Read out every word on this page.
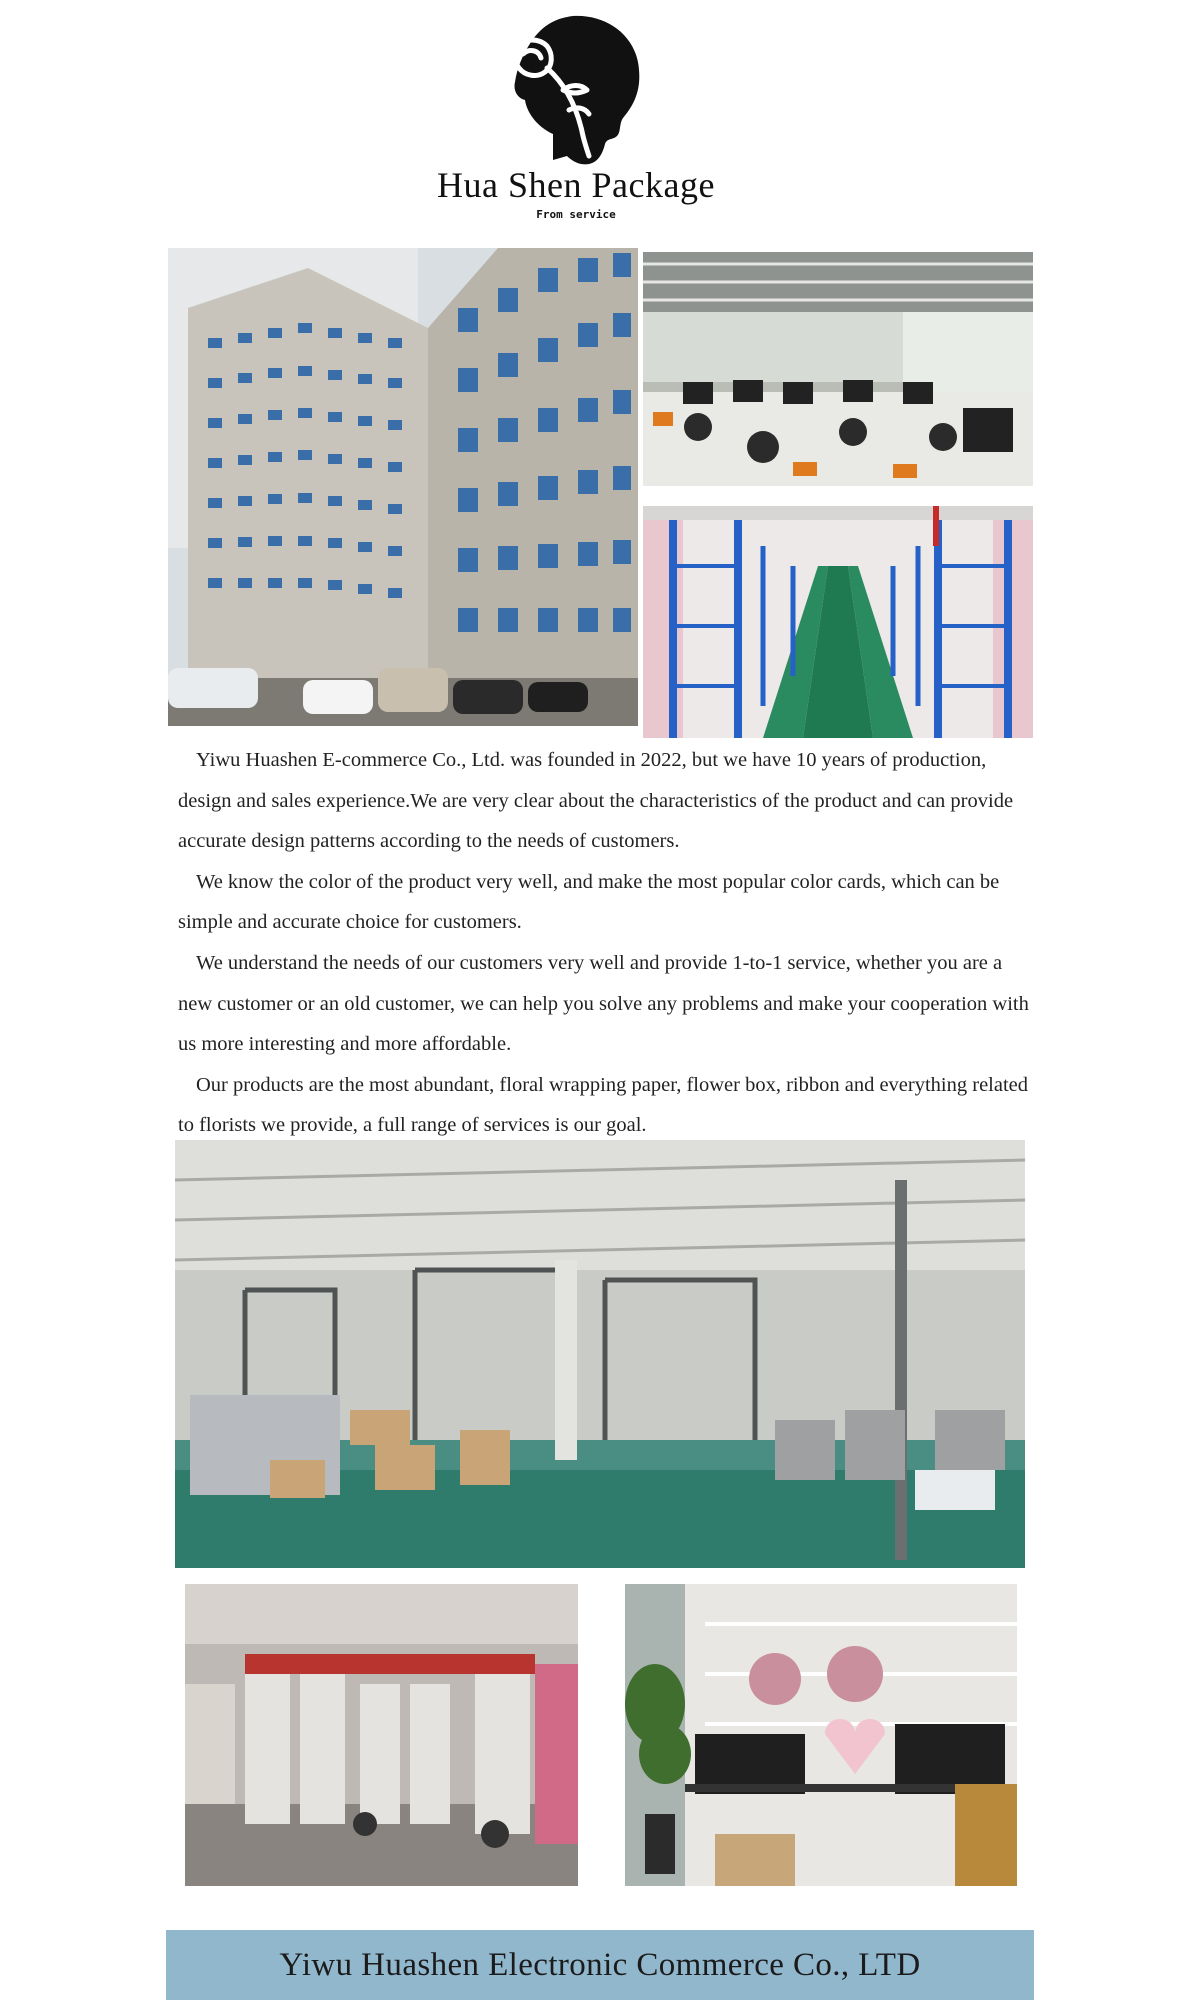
Hua Shen Package
From service

Yiwu Huashen E-commerce Co., Ltd. was founded in 2022, but we have 10 years of production, design and sales experience.We are very clear about the characteristics of the product and can provide accurate design patterns according to the needs of customers.

We know the color of the product very well, and make the most popular color cards, which can be simple and accurate choice for customers.

We understand the needs of our customers very well and provide 1-to-1 service, whether you are a new customer or an old customer, we can help you solve any problems and make your cooperation with us more interesting and more affordable.

Our products are the most abundant, floral wrapping paper, flower box, ribbon and everything related to florists we provide, a full range of services is our goal.

Yiwu Huashen Electronic Commerce Co., LTD
